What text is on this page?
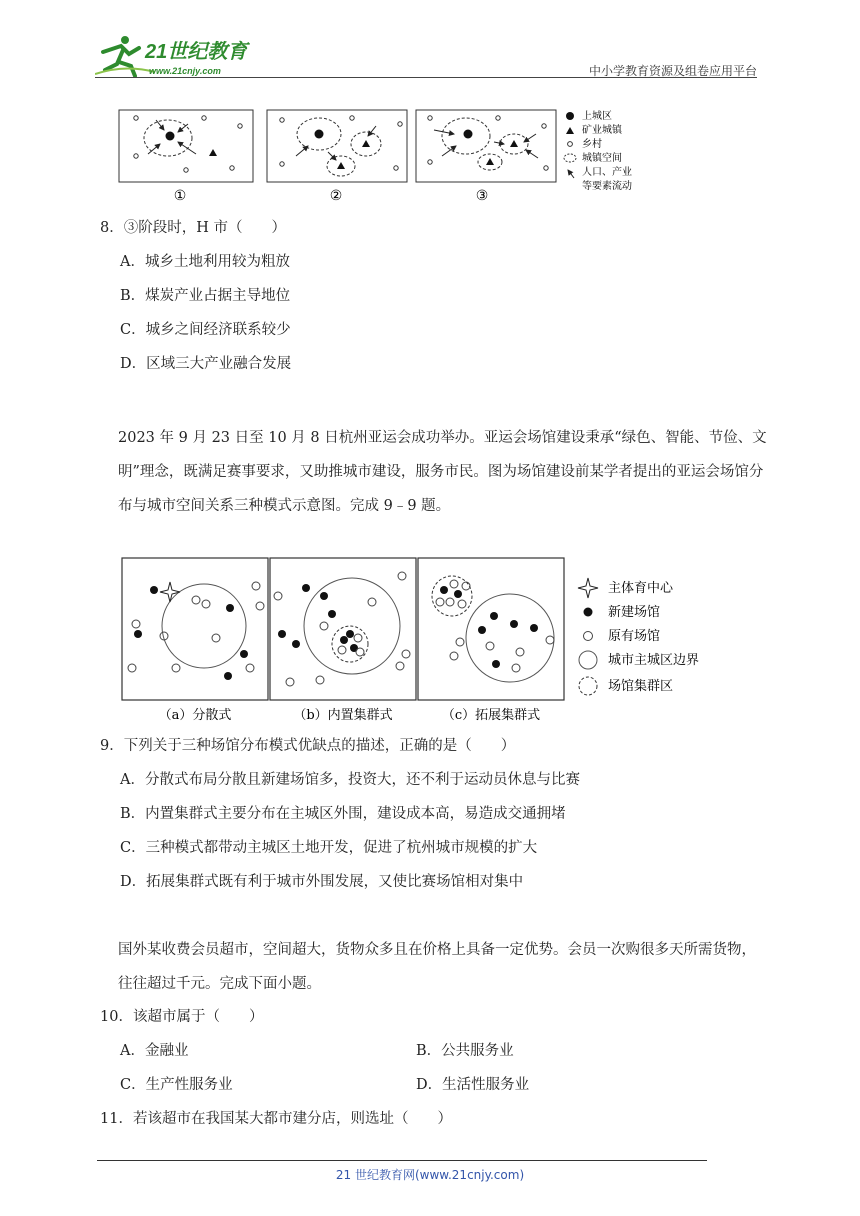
21世纪教育
www.21cnjy.com	中小学教育资源及组卷应用平台
①	②	③
上城区
矿业城镇
乡村
城镇空间
人口、产业
等要素流动
8．③阶段时，H 市（　　）
A．城乡土地利用较为粗放
B．煤炭产业占据主导地位
C．城乡之间经济联系较少
D．区域三大产业融合发展
2023 年 9 月 23 日至 10 月 8 日杭州亚运会成功举办。亚运会场馆建设秉承“绿色、智能、节俭、文明”理念，既满足赛事要求，又助推城市建设，服务市民。图为场馆建设前某学者提出的亚运会场馆分布与城市空间关系三种模式示意图。完成 9﹣9 题。
（a）分散式	（b）内置集群式	（c）拓展集群式
主体育中心
新建场馆
原有场馆
城市主城区边界
场馆集群区
9．下列关于三种场馆分布模式优缺点的描述，正确的是（　　）
A．分散式布局分散且新建场馆多，投资大，还不利于运动员休息与比赛
B．内置集群式主要分布在主城区外围，建设成本高，易造成交通拥堵
C．三种模式都带动主城区土地开发，促进了杭州城市规模的扩大
D．拓展集群式既有利于城市外围发展，又使比赛场馆相对集中
国外某收费会员超市，空间超大，货物众多且在价格上具备一定优势。会员一次购很多天所需货物，往往超过千元。完成下面小题。
10．该超市属于（　　）
A．金融业	B．公共服务业
C．生产性服务业	D．生活性服务业
11．若该超市在我国某大都市建分店，则选址（　　）
21 世纪教育网(www.21cnjy.com)
